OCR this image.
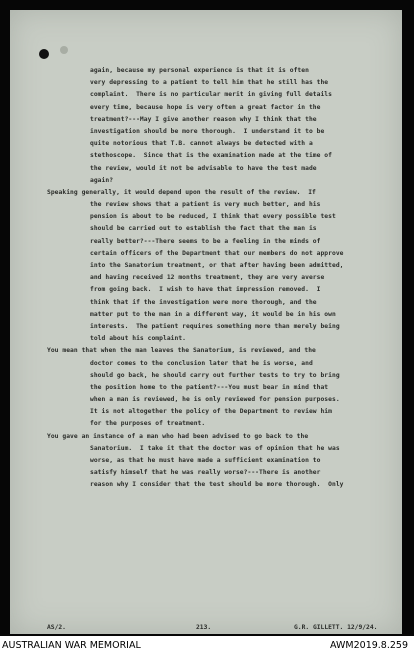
again, because my personal experience is that it is often
very depressing to a patient to tell him that he still has the
complaint.  There is no particular merit in giving full details
every time, because hope is very often a great factor in the
treatment?---May I give another reason why I think that the
investigation should be more thorough.  I understand it to be
quite notorious that T.B. cannot always be detected with a
stethoscope.  Since that is the examination made at the time of
the review, would it not be advisable to have the test made
again?
Speaking generally, it would depend upon the result of the review.  If
the review shows that a patient is very much better, and his
pension is about to be reduced, I think that every possible test
should be carried out to establish the fact that the man is
really better?---There seems to be a feeling in the minds of
certain officers of the Department that our members do not approve
into the Sanatorium treatment, or that after having been admitted,
and having received 12 months treatment, they are very averse
from going back.  I wish to have that impression removed.  I
think that if the investigation were more thorough, and the
matter put to the man in a different way, it would be in his own
interests.  The patient requires something more than merely being
told about his complaint.
You mean that when the man leaves the Sanatorium, is reviewed, and the
doctor comes to the conclusion later that he is worse, and
should go back, he should carry out further tests to try to bring
the position home to the patient?---You must bear in mind that
when a man is reviewed, he is only reviewed for pension purposes.
It is not altogether the policy of the Department to review him
for the purposes of treatment.
You gave an instance of a man who had been advised to go back to the
Sanatorium.  I take it that the doctor was of opinion that he was
worse, as that he must have made a sufficient examination to
satisfy himself that he was really worse?---There is another
reason why I consider that the test should be more thorough.  Only
AS/2.	213.	G.R. GILLETT. 12/9/24.
AUSTRALIAN WAR MEMORIAL	AWM2019.8.259
